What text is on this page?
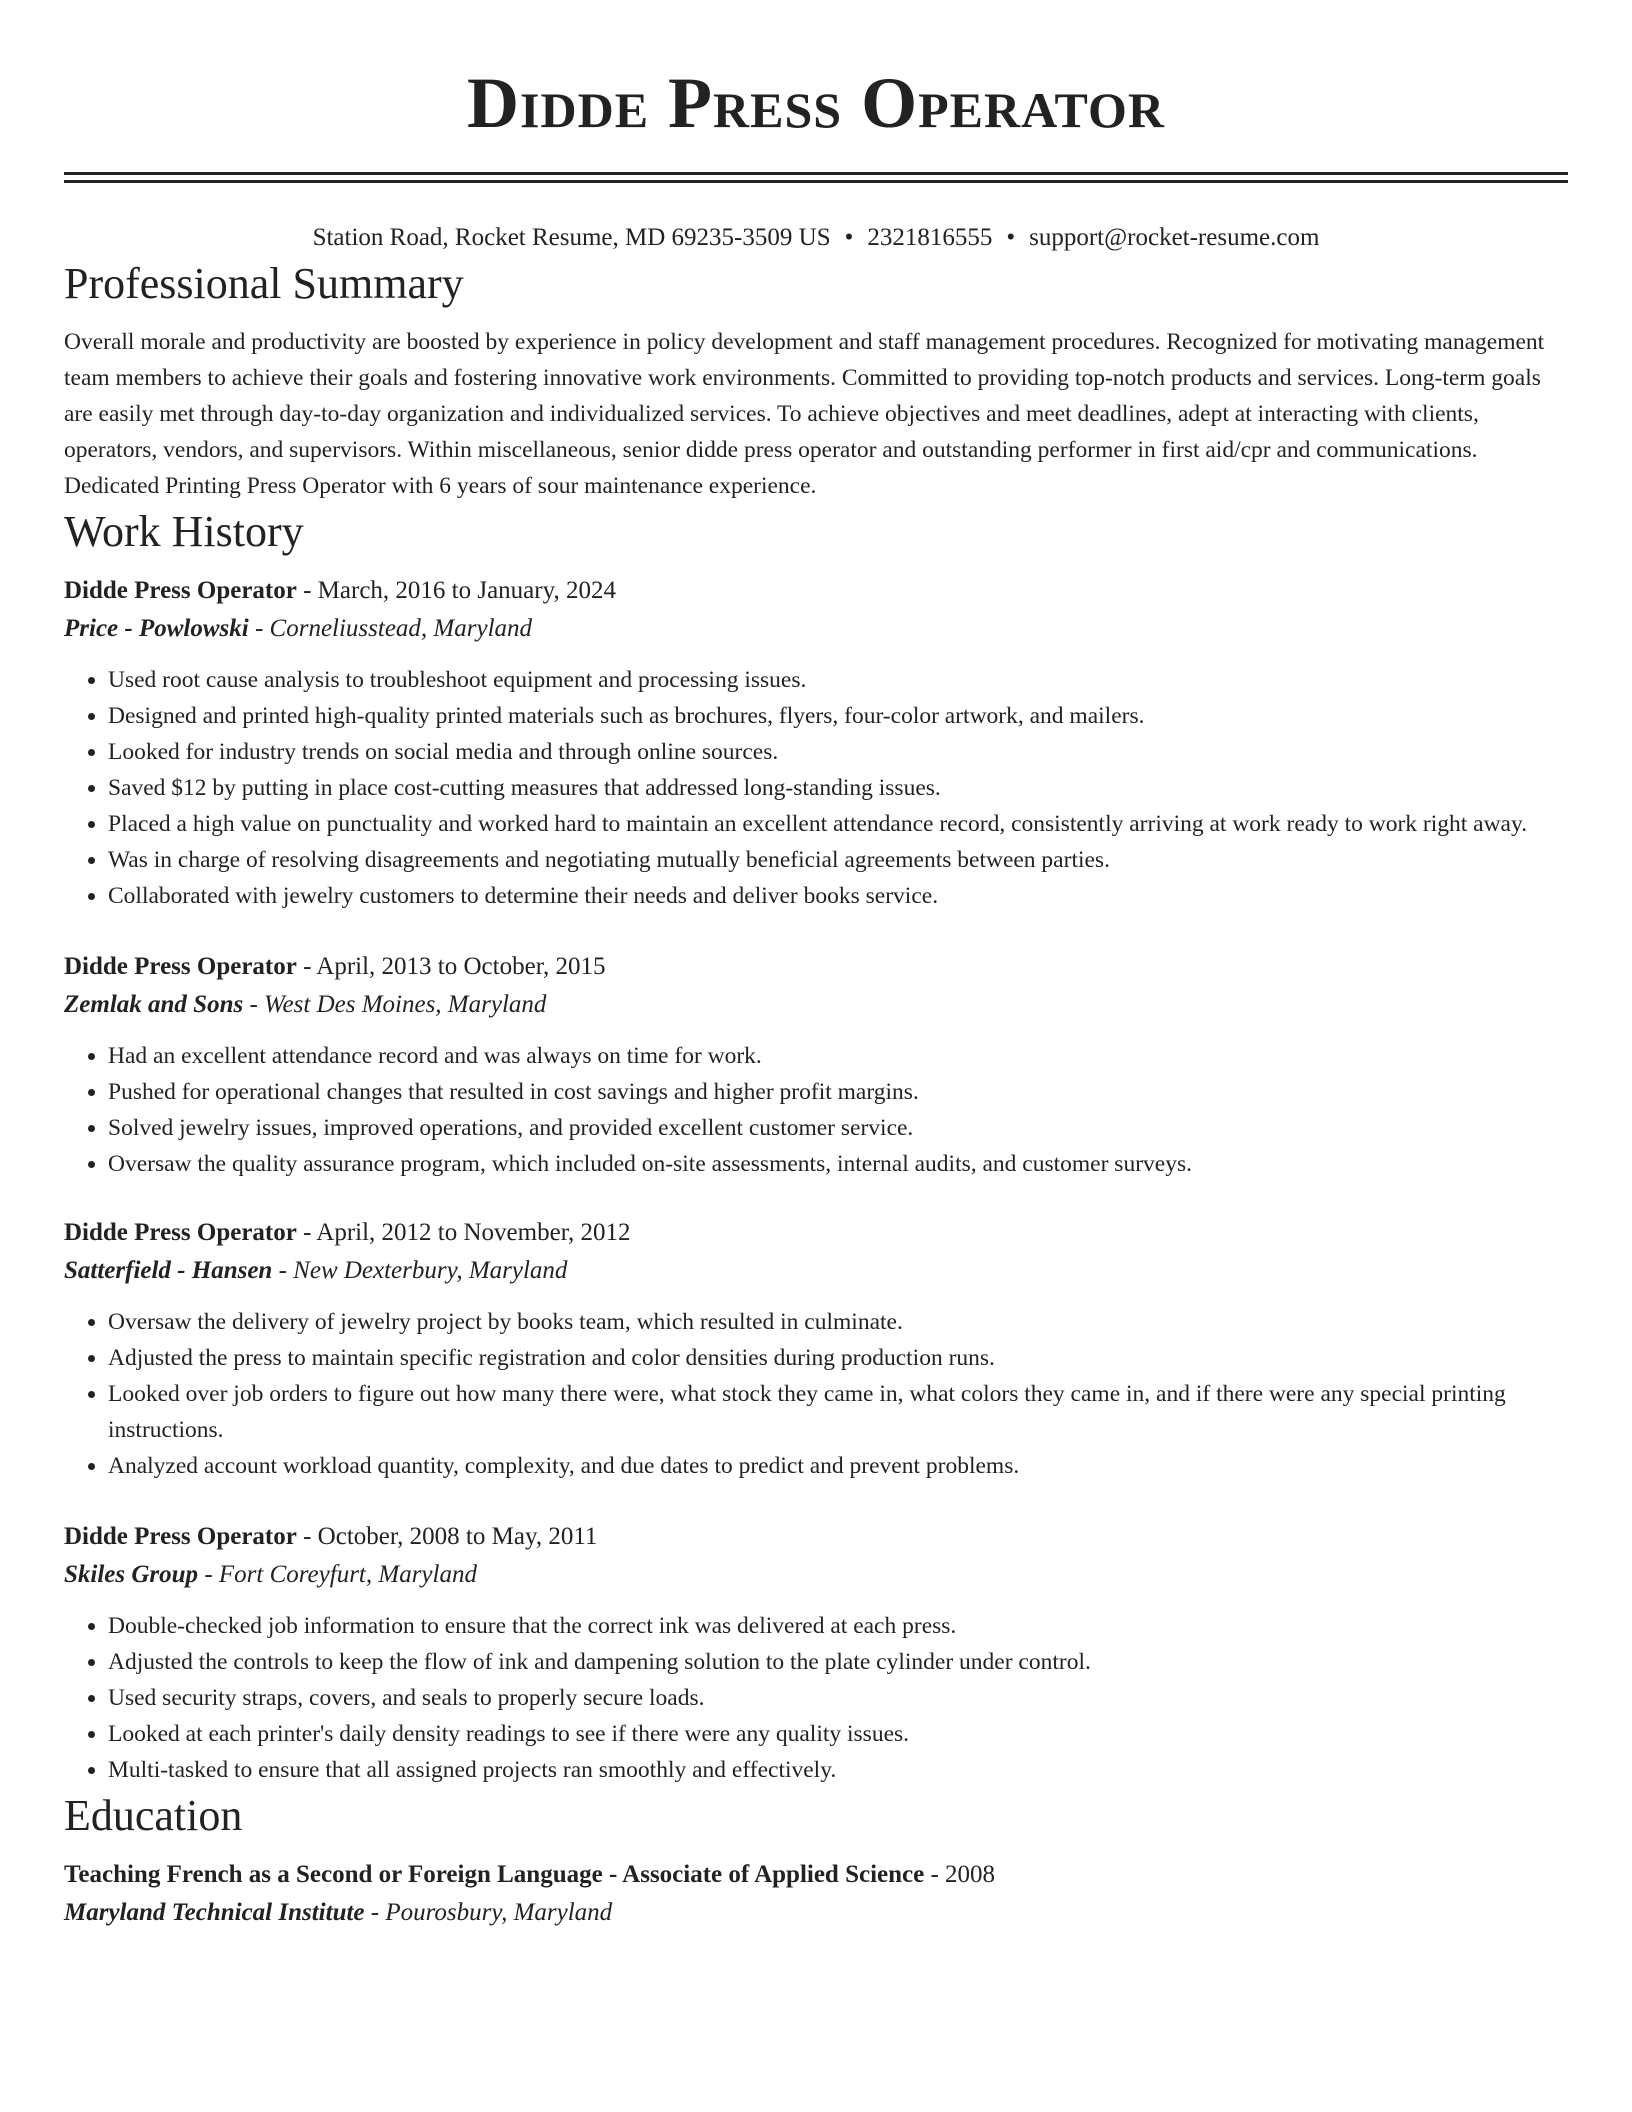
Didde Press Operator
Station Road, Rocket Resume, MD 69235-3509 US • 2321816555 • support@rocket-resume.com
Professional Summary

Overall morale and productivity are boosted by experience in policy development and staff management procedures. Recognized for motivating management team members to achieve their goals and fostering innovative work environments. Committed to providing top-notch products and services. Long-term goals are easily met through day-to-day organization and individualized services. To achieve objectives and meet deadlines, adept at interacting with clients, operators, vendors, and supervisors. Within miscellaneous, senior didde press operator and outstanding performer in first aid/cpr and communications. Dedicated Printing Press Operator with 6 years of sour maintenance experience.

Work History
Didde Press Operator - March, 2016 to January, 2024
Price - Powlowski - Corneliusstead, Maryland
• Used root cause analysis to troubleshoot equipment and processing issues.
• Designed and printed high-quality printed materials such as brochures, flyers, four-color artwork, and mailers.
• Looked for industry trends on social media and through online sources.
• Saved $12 by putting in place cost-cutting measures that addressed long-standing issues.
• Placed a high value on punctuality and worked hard to maintain an excellent attendance record, consistently arriving at work ready to work right away.
• Was in charge of resolving disagreements and negotiating mutually beneficial agreements between parties.
• Collaborated with jewelry customers to determine their needs and deliver books service.
Didde Press Operator - April, 2013 to October, 2015
Zemlak and Sons - West Des Moines, Maryland
• Had an excellent attendance record and was always on time for work.
• Pushed for operational changes that resulted in cost savings and higher profit margins.
• Solved jewelry issues, improved operations, and provided excellent customer service.
• Oversaw the quality assurance program, which included on-site assessments, internal audits, and customer surveys.
Didde Press Operator - April, 2012 to November, 2012
Satterfield - Hansen - New Dexterbury, Maryland
• Oversaw the delivery of jewelry project by books team, which resulted in culminate.
• Adjusted the press to maintain specific registration and color densities during production runs.
• Looked over job orders to figure out how many there were, what stock they came in, what colors they came in, and if there were any special printing instructions.
• Analyzed account workload quantity, complexity, and due dates to predict and prevent problems.
Didde Press Operator - October, 2008 to May, 2011
Skiles Group - Fort Coreyfurt, Maryland
• Double-checked job information to ensure that the correct ink was delivered at each press.
• Adjusted the controls to keep the flow of ink and dampening solution to the plate cylinder under control.
• Used security straps, covers, and seals to properly secure loads.
• Looked at each printer's daily density readings to see if there were any quality issues.
• Multi-tasked to ensure that all assigned projects ran smoothly and effectively.
Education
Teaching French as a Second or Foreign Language - Associate of Applied Science - 2008
Maryland Technical Institute - Pourosbury, Maryland
